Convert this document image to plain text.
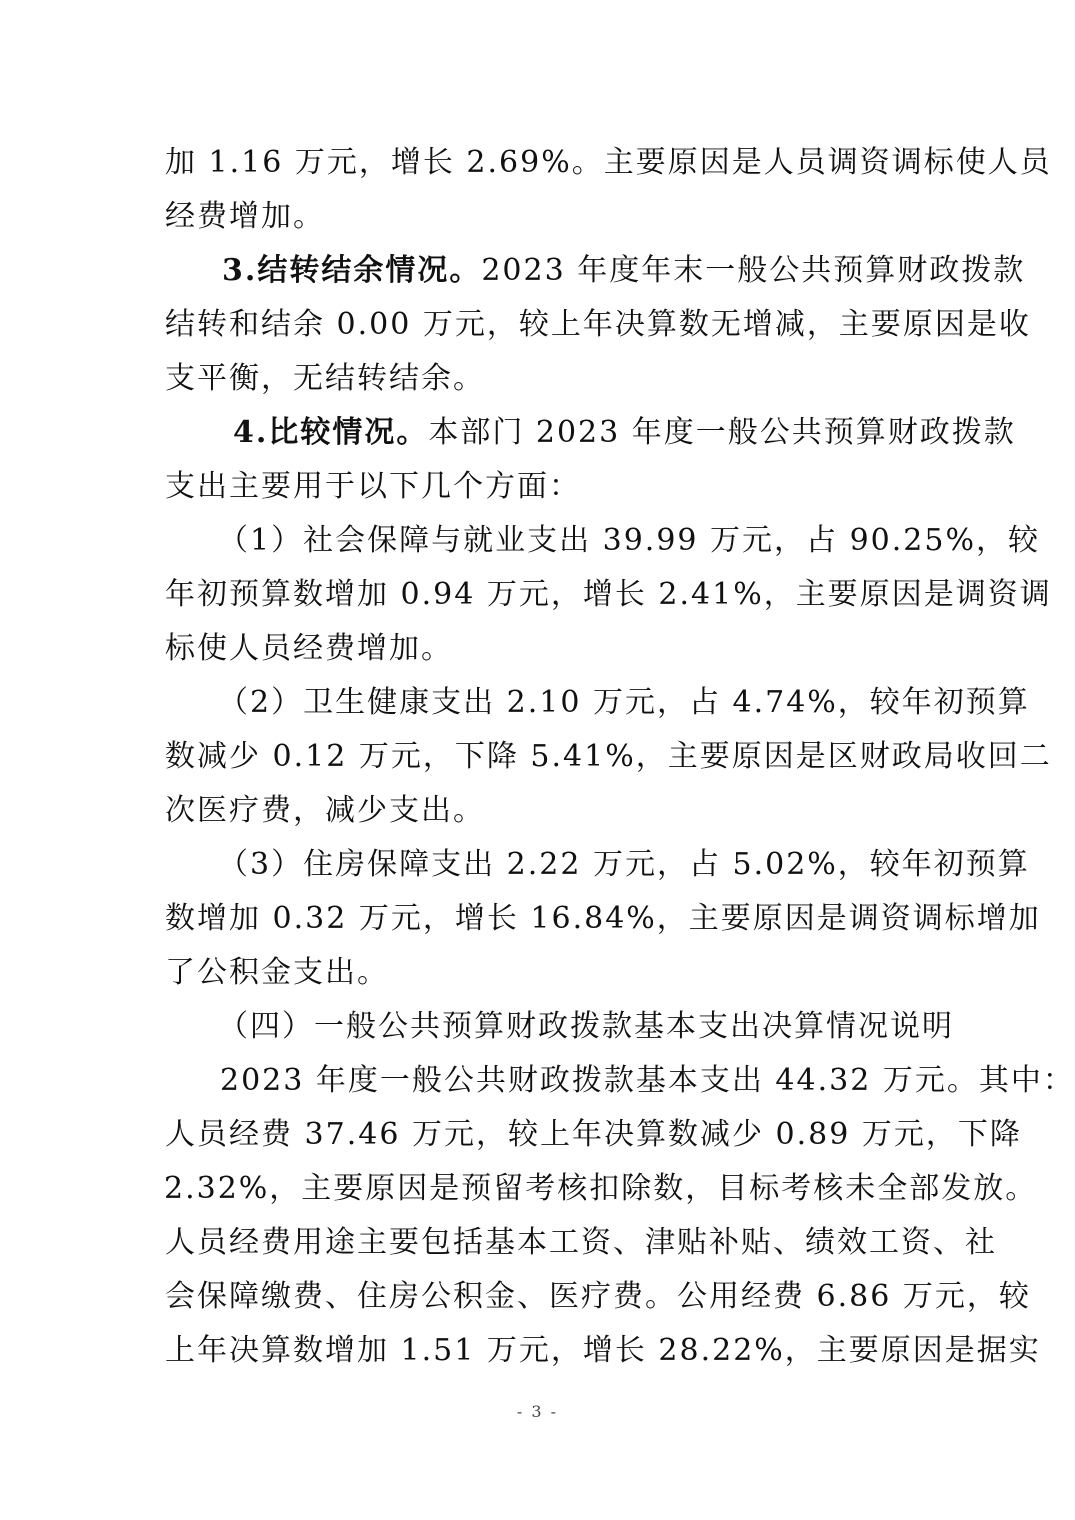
加 1.16 万元，增长 2.69%。主要原因是人员调资调标使人员
经费增加。
3.结转结余情况。2023 年度年末一般公共预算财政拨款
结转和结余 0.00 万元，较上年决算数无增减，主要原因是收
支平衡，无结转结余。
4.比较情况。本部门 2023 年度一般公共预算财政拨款
支出主要用于以下几个方面：
（1）社会保障与就业支出 39.99 万元，占 90.25%，较
年初预算数增加 0.94 万元，增长 2.41%，主要原因是调资调
标使人员经费增加。
（2）卫生健康支出 2.10 万元，占 4.74%，较年初预算
数减少 0.12 万元，下降 5.41%，主要原因是区财政局收回二
次医疗费，减少支出。
（3）住房保障支出 2.22 万元，占 5.02%，较年初预算
数增加 0.32 万元，增长 16.84%，主要原因是调资调标增加
了公积金支出。
（四）一般公共预算财政拨款基本支出决算情况说明
2023 年度一般公共财政拨款基本支出 44.32 万元。其中：
人员经费 37.46 万元，较上年决算数减少 0.89 万元，下降
2.32%，主要原因是预留考核扣除数，目标考核未全部发放。
人员经费用途主要包括基本工资、津贴补贴、绩效工资、社
会保障缴费、住房公积金、医疗费。公用经费 6.86 万元，较
上年决算数增加 1.51 万元，增长 28.22%，主要原因是据实
- 3 -
